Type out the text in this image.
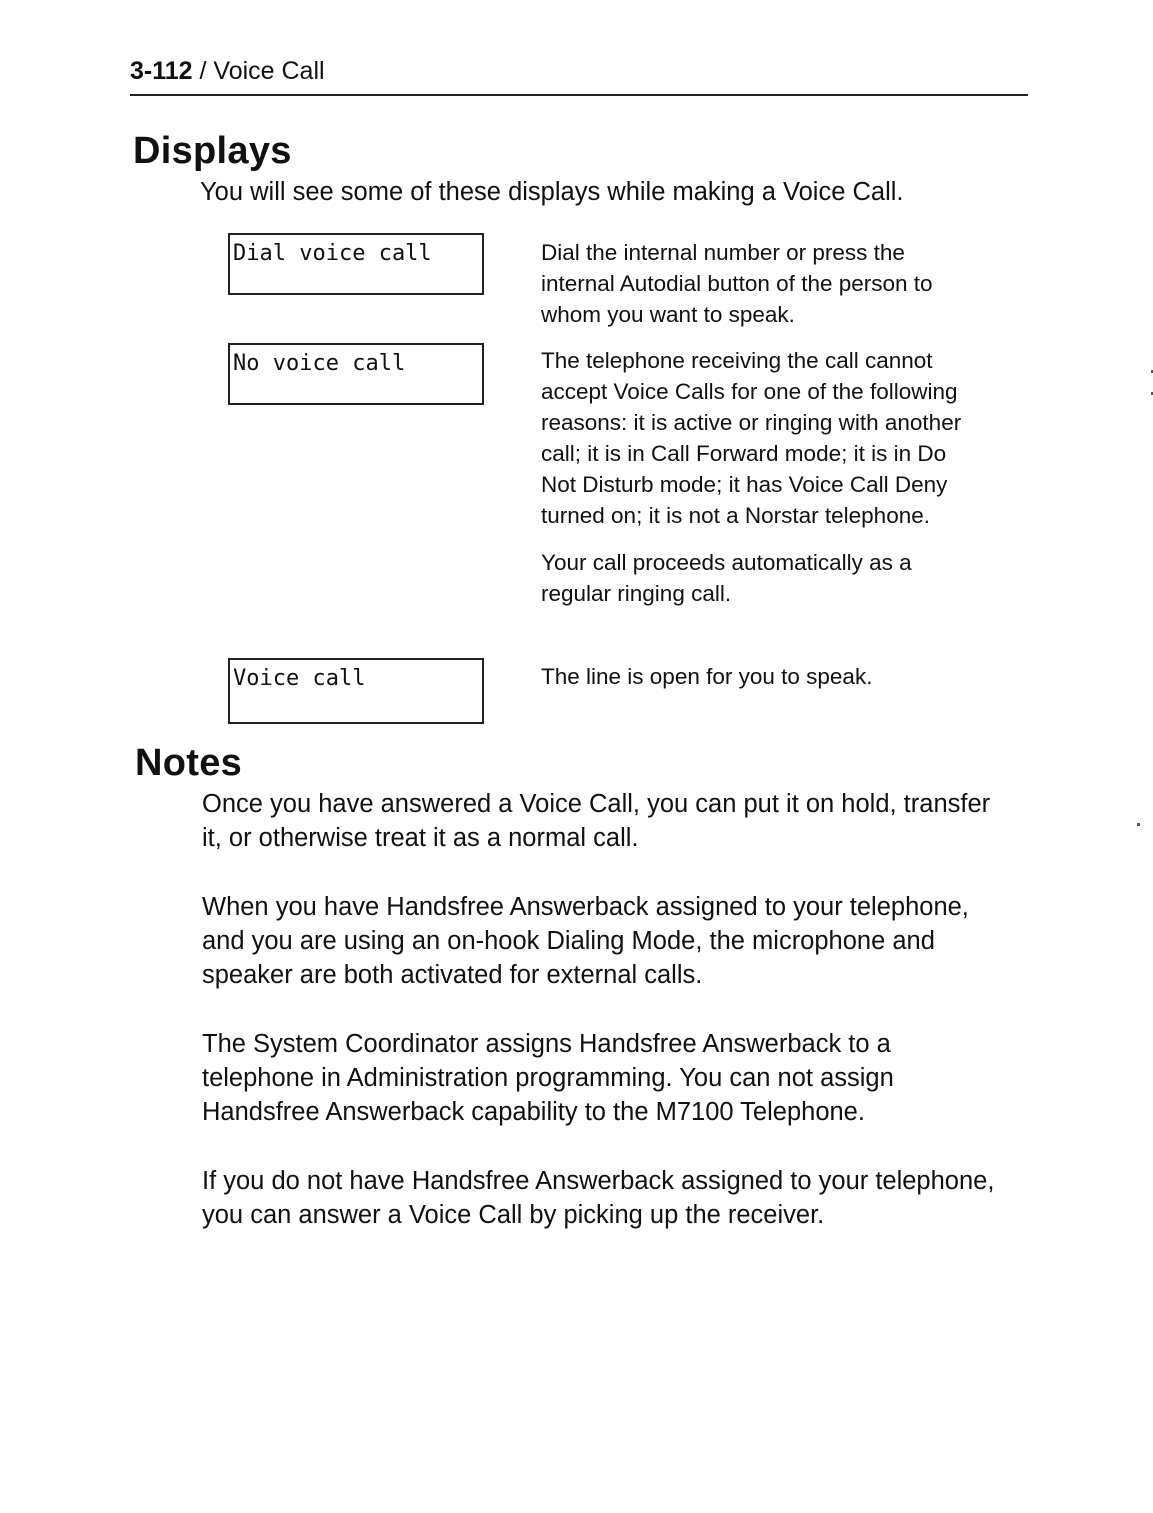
3-112 / Voice Call
Displays
You will see some of these displays while making a Voice Call.
Dial voice call	Dial the internal number or press the internal Autodial button of the person to whom you want to speak.

No voice call	The telephone receiving the call cannot accept Voice Calls for one of the following reasons: it is active or ringing with another call; it is in Call Forward mode; it is in Do Not Disturb mode; it has Voice Call Deny turned on; it is not a Norstar telephone.

Your call proceeds automatically as a regular ringing call.

Voice call	The line is open for you to speak.

Notes

Once you have answered a Voice Call, you can put it on hold, transfer it, or otherwise treat it as a normal call.

When you have Handsfree Answerback assigned to your telephone, and you are using an on-hook Dialing Mode, the microphone and speaker are both activated for external calls.

The System Coordinator assigns Handsfree Answerback to a telephone in Administration programming. You can not assign Handsfree Answerback capability to the M7100 Telephone.

If you do not have Handsfree Answerback assigned to your telephone, you can answer a Voice Call by picking up the receiver.
